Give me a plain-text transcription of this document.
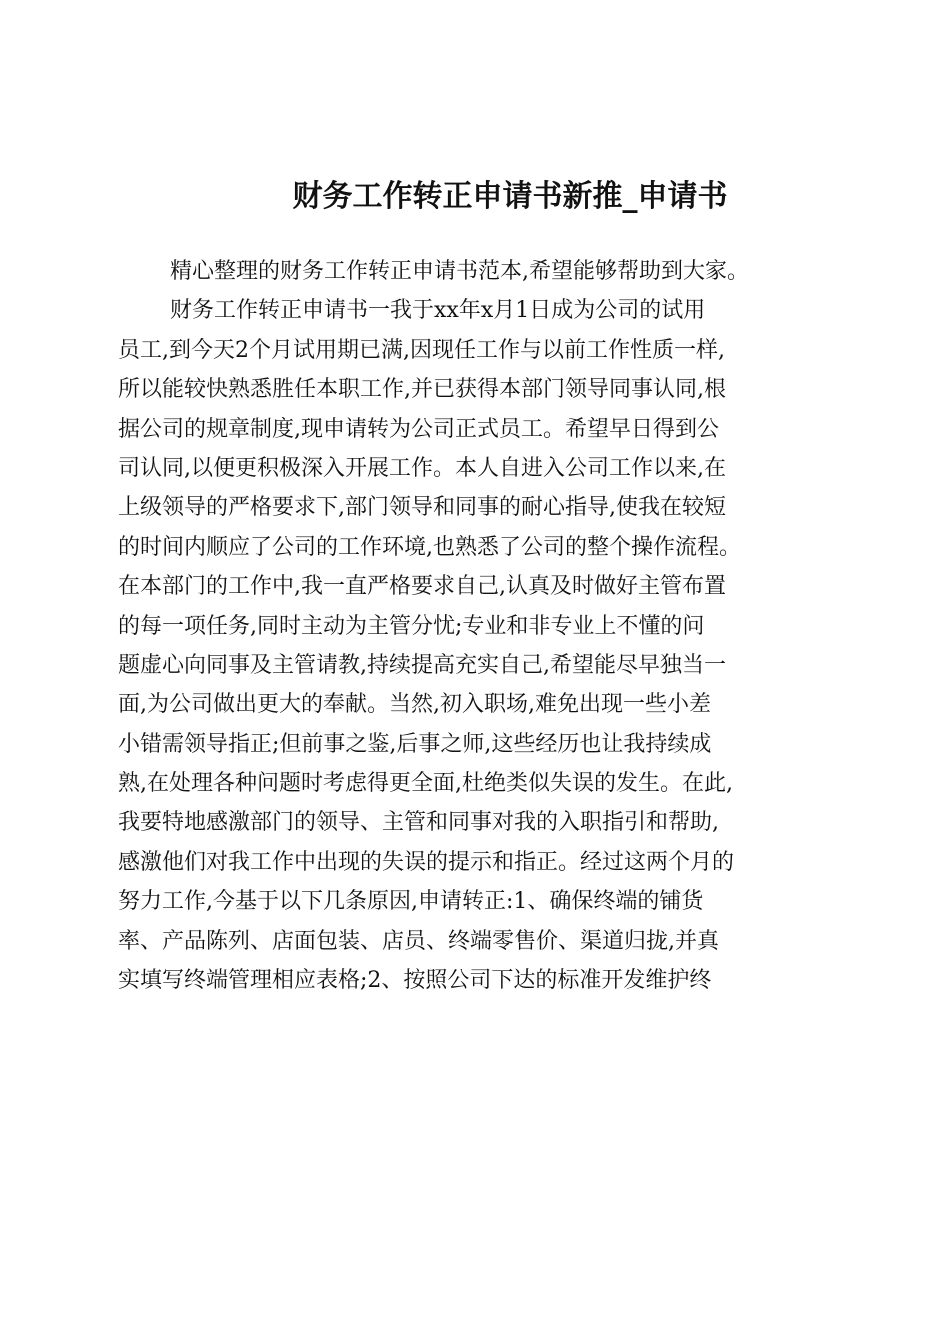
财务工作转正申请书新推_申请书
精心整理的财务工作转正申请书范本,希望能够帮助到大家。
财务工作转正申请书一我于xx年x月1日成为公司的试用
员工,到今天2个月试用期已满,因现任工作与以前工作性质一样,
所以能较快熟悉胜任本职工作,并已获得本部门领导同事认同,根
据公司的规章制度,现申请转为公司正式员工。希望早日得到公
司认同,以便更积极深入开展工作。本人自进入公司工作以来,在
上级领导的严格要求下,部门领导和同事的耐心指导,使我在较短
的时间内顺应了公司的工作环境,也熟悉了公司的整个操作流程。
在本部门的工作中,我一直严格要求自己,认真及时做好主管布置
的每一项任务,同时主动为主管分忧;专业和非专业上不懂的问
题虚心向同事及主管请教,持续提高充实自己,希望能尽早独当一
面,为公司做出更大的奉献。当然,初入职场,难免出现一些小差
小错需领导指正;但前事之鉴,后事之师,这些经历也让我持续成
熟,在处理各种问题时考虑得更全面,杜绝类似失误的发生。在此,
我要特地感激部门的领导、主管和同事对我的入职指引和帮助,
感激他们对我工作中出现的失误的提示和指正。经过这两个月的
努力工作,今基于以下几条原因,申请转正:1、确保终端的铺货
率、产品陈列、店面包装、店员、终端零售价、渠道归拢,并真
实填写终端管理相应表格;2、按照公司下达的标准开发维护终
